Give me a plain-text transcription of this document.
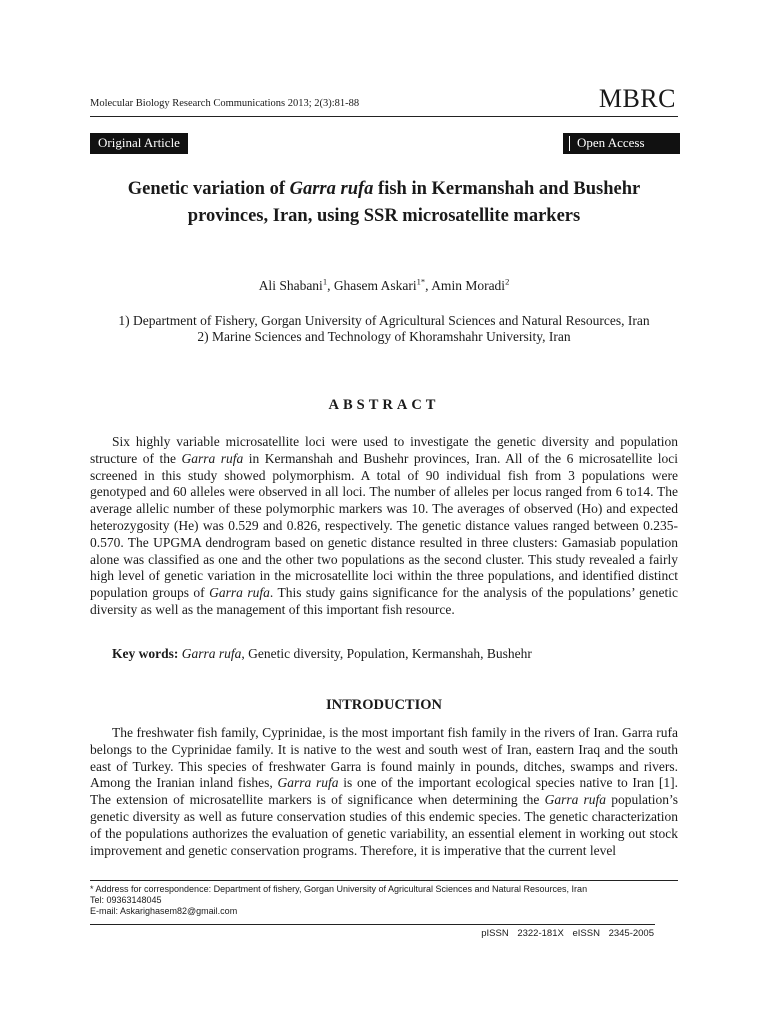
Molecular Biology Research Communications 2013; 2(3):81-88	MBRC
Original Article	Open Access
Genetic variation of Garra rufa fish in Kermanshah and Bushehr provinces, Iran, using SSR microsatellite markers
Ali Shabani$^1$, Ghasem Askari$^{1*}$, Amin Moradi$^2$
1) Department of Fishery, Gorgan University of Agricultural Sciences and Natural Resources, Iran
2) Marine Sciences and Technology of Khoramshahr University, Iran
ABSTRACT
Six highly variable microsatellite loci were used to investigate the genetic diversity and population structure of the Garra rufa in Kermanshah and Bushehr provinces, Iran. All of the 6 microsatellite loci screened in this study showed polymorphism. A total of 90 individual fish from 3 populations were genotyped and 60 alleles were observed in all loci. The number of alleles per locus ranged from 6 to14. The average allelic number of these polymorphic markers was 10. The averages of observed (Ho) and expected heterozygosity (He) was 0.529 and 0.826, respectively. The genetic distance values ranged between 0.235-0.570. The UPGMA dendrogram based on genetic distance resulted in three clusters: Gamasiab population alone was classified as one and the other two populations as the second cluster. This study revealed a fairly high level of genetic variation in the microsatellite loci within the three populations, and identified distinct population groups of Garra rufa. This study gains significance for the analysis of the populations’ genetic diversity as well as the management of this important fish resource.
Key words: Garra rufa, Genetic diversity, Population, Kermanshah, Bushehr
INTRODUCTION
The freshwater fish family, Cyprinidae, is the most important fish family in the rivers of Iran. Garra rufa belongs to the Cyprinidae family. It is native to the west and south west of Iran, eastern Iraq and the south east of Turkey. This species of freshwater Garra is found mainly in pounds, ditches, swamps and rivers. Among the Iranian inland fishes, Garra rufa is one of the important ecological species native to Iran [1]. The extension of microsatellite markers is of significance when determining the Garra rufa population’s genetic diversity as well as future conservation studies of this endemic species. The genetic characterization of the populations authorizes the evaluation of genetic variability, an essential element in working out stock improvement and genetic conservation programs. Therefore, it is imperative that the current level
* Address for correspondence: Department of fishery, Gorgan University of Agricultural Sciences and Natural Resources, Iran
Tel: 09363148045
E-mail: Askarighasem82@gmail.com
pISSN 2322-181X eISSN 2345-2005
